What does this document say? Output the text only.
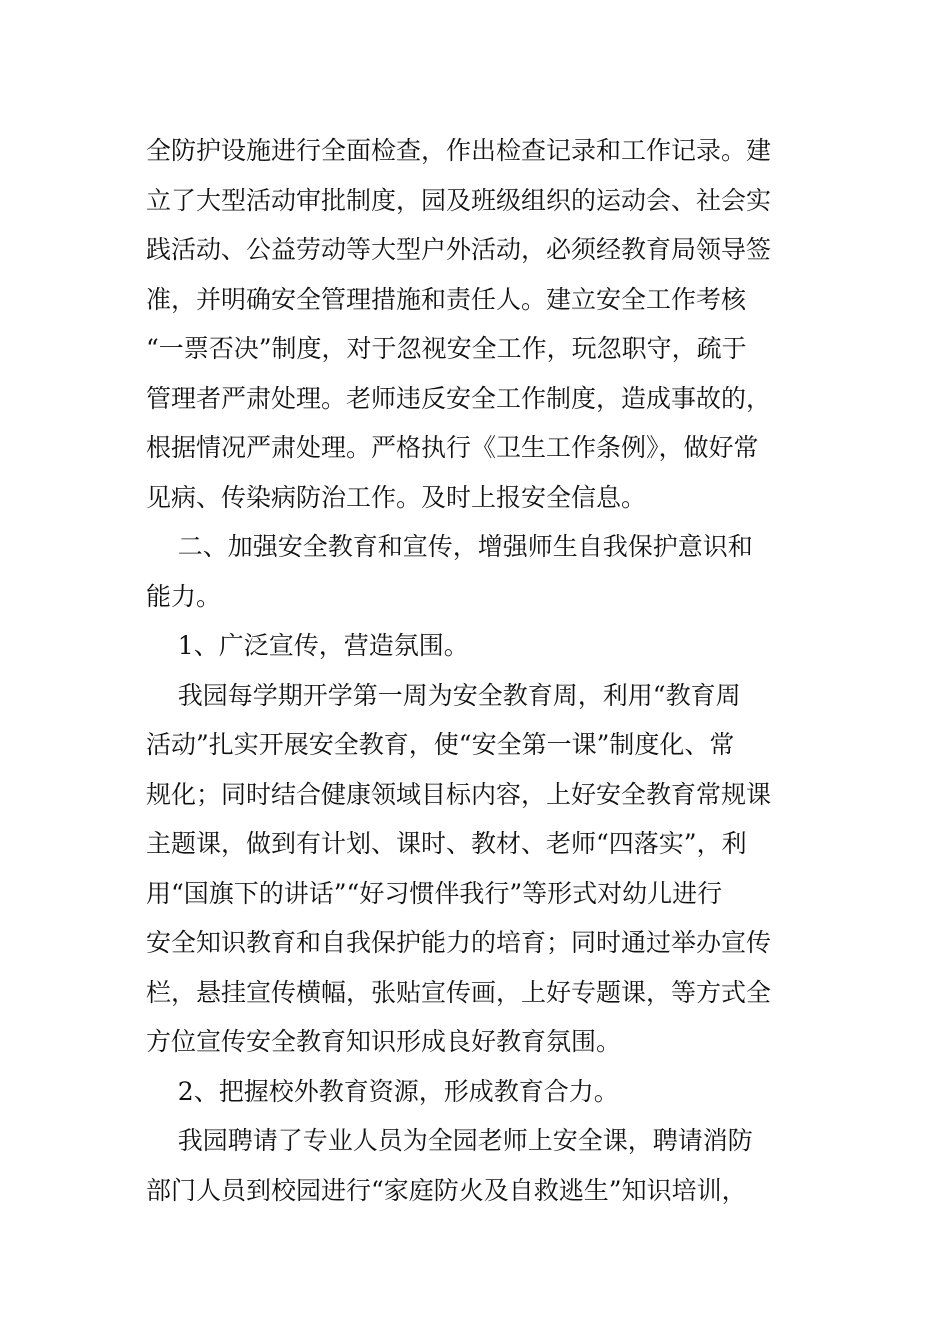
全防护设施进行全面检查，作出检查记录和工作记录。建
立了大型活动审批制度，园及班级组织的运动会、社会实
践活动、公益劳动等大型户外活动，必须经教育局领导签
准，并明确安全管理措施和责任人。建立安全工作考核
“一票否决”制度，对于忽视安全工作，玩忽职守，疏于
管理者严肃处理。老师违反安全工作制度，造成事故的，
根据情况严肃处理。严格执行《卫生工作条例》，做好常
见病、传染病防治工作。及时上报安全信息。
二、加强安全教育和宣传，增强师生自我保护意识和
能力。
1、广泛宣传，营造氛围。
我园每学期开学第一周为安全教育周，利用“教育周
活动”扎实开展安全教育，使“安全第一课”制度化、常
规化；同时结合健康领域目标内容，上好安全教育常规课
主题课，做到有计划、课时、教材、老师“四落实”，利
用“国旗下的讲话”“好习惯伴我行”等形式对幼儿进行
安全知识教育和自我保护能力的培育；同时通过举办宣传
栏，悬挂宣传横幅，张贴宣传画，上好专题课，等方式全
方位宣传安全教育知识形成良好教育氛围。
2、把握校外教育资源，形成教育合力。
我园聘请了专业人员为全园老师上安全课，聘请消防
部门人员到校园进行“家庭防火及自救逃生”知识培训，
